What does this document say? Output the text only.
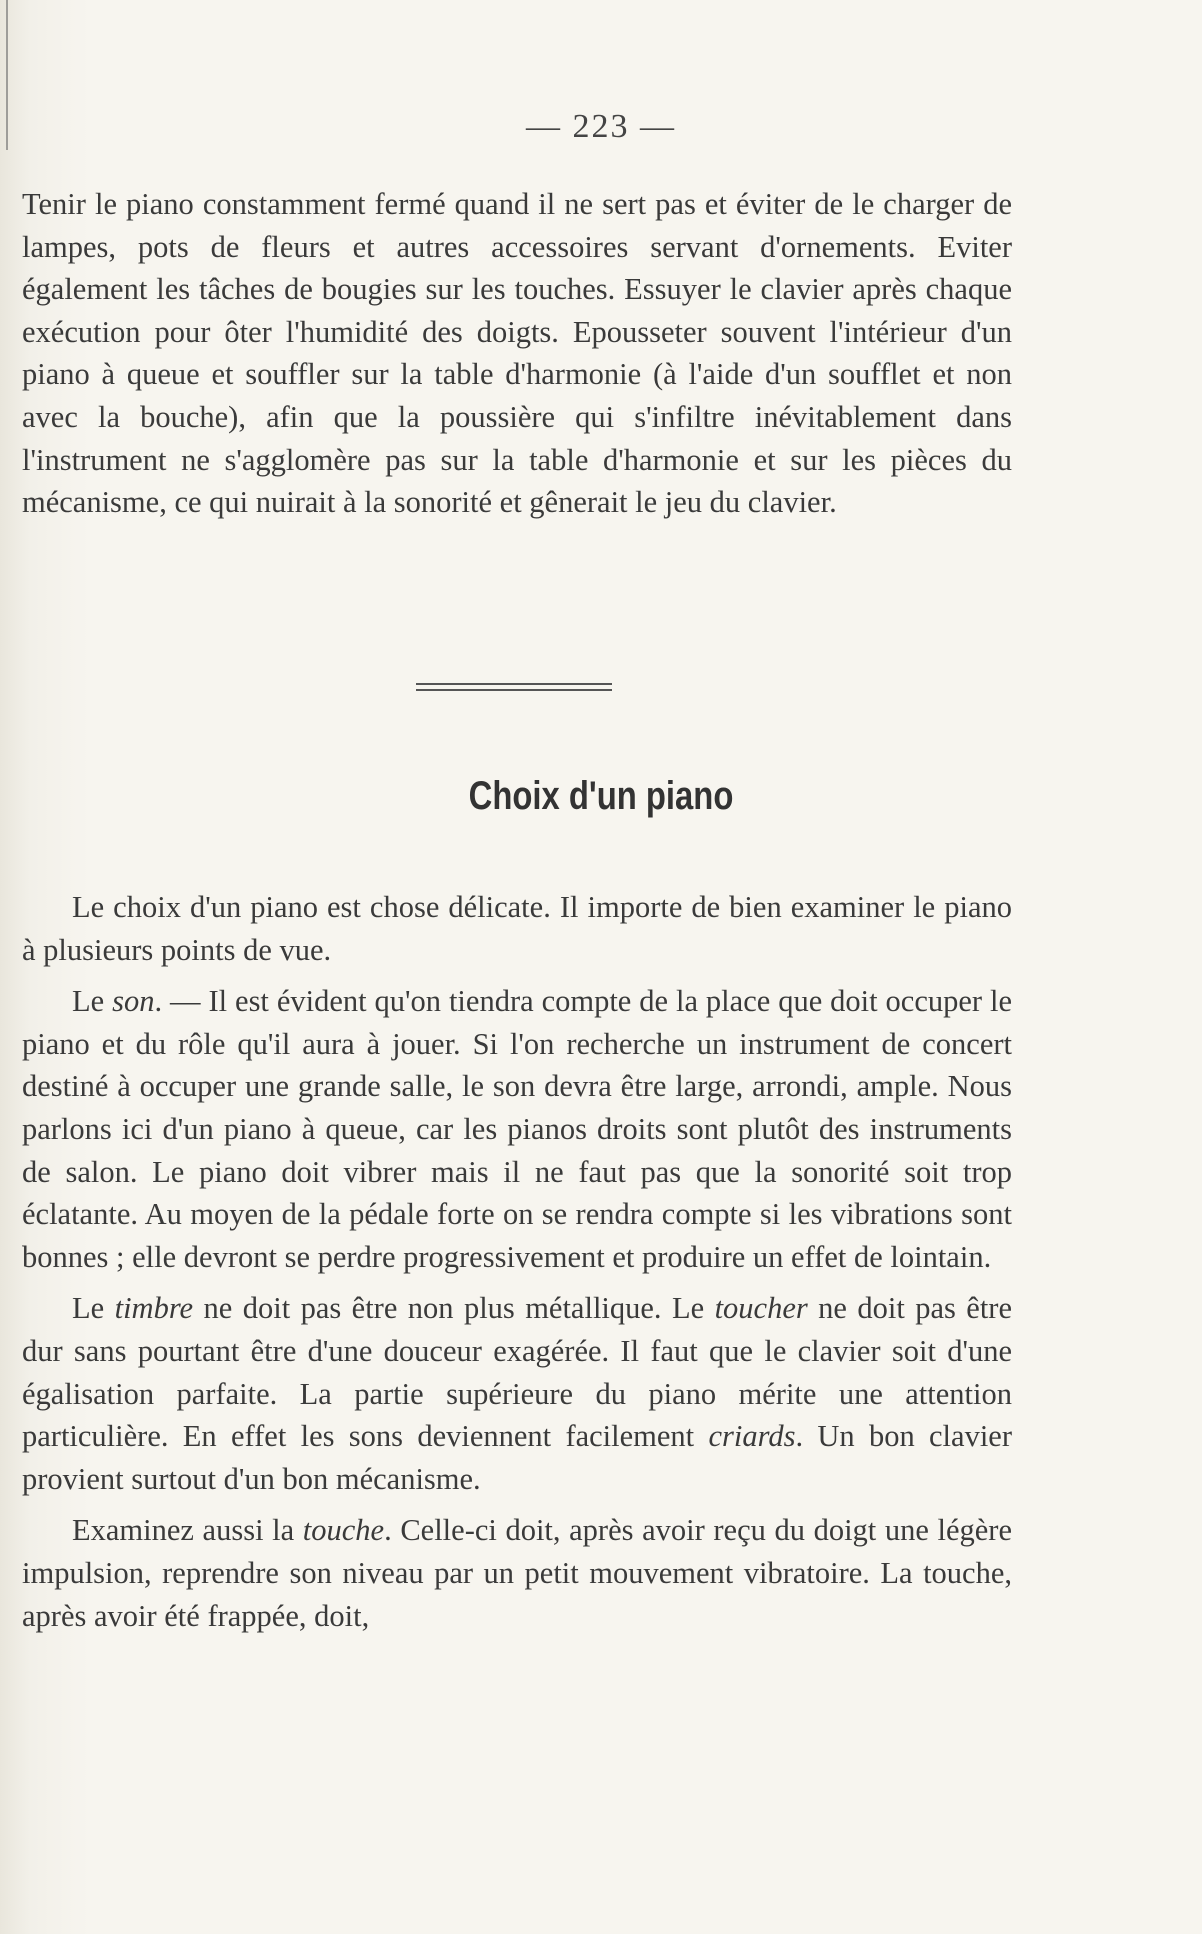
— 223 —

Tenir le piano constamment fermé quand il ne sert pas et éviter de le charger de lampes, pots de fleurs et autres accessoires servant d'ornements. Eviter également les tâches de bougies sur les touches. Essuyer le clavier après chaque exécution pour ôter l'humidité des doigts. Epousseter souvent l'intérieur d'un piano à queue et souffler sur la table d'harmonie (à l'aide d'un soufflet et non avec la bouche), afin que la poussière qui s'infiltre inévitablement dans l'instrument ne s'agglomère pas sur la table d'harmonie et sur les pièces du mécanisme, ce qui nuirait à la sonorité et gênerait le jeu du clavier.

Choix d'un piano

Le choix d'un piano est chose délicate. Il importe de bien examiner le piano à plusieurs points de vue.

Le son. — Il est évident qu'on tiendra compte de la place que doit occuper le piano et du rôle qu'il aura à jouer. Si l'on recherche un instrument de concert destiné à occuper une grande salle, le son devra être large, arrondi, ample. Nous parlons ici d'un piano à queue, car les pianos droits sont plutôt des instruments de salon. Le piano doit vibrer mais il ne faut pas que la sonorité soit trop éclatante. Au moyen de la pédale forte on se rendra compte si les vibrations sont bonnes ; elle devront se perdre progressivement et produire un effet de lointain.

Le timbre ne doit pas être non plus métallique. Le toucher ne doit pas être dur sans pourtant être d'une douceur exagérée. Il faut que le clavier soit d'une égalisation parfaite. La partie supérieure du piano mérite une attention particulière. En effet les sons deviennent facilement criards. Un bon clavier provient surtout d'un bon mécanisme.

Examinez aussi la touche. Celle-ci doit, après avoir reçu du doigt une légère impulsion, reprendre son niveau par un petit mouvement vibratoire. La touche, après avoir été frappée, doit,
